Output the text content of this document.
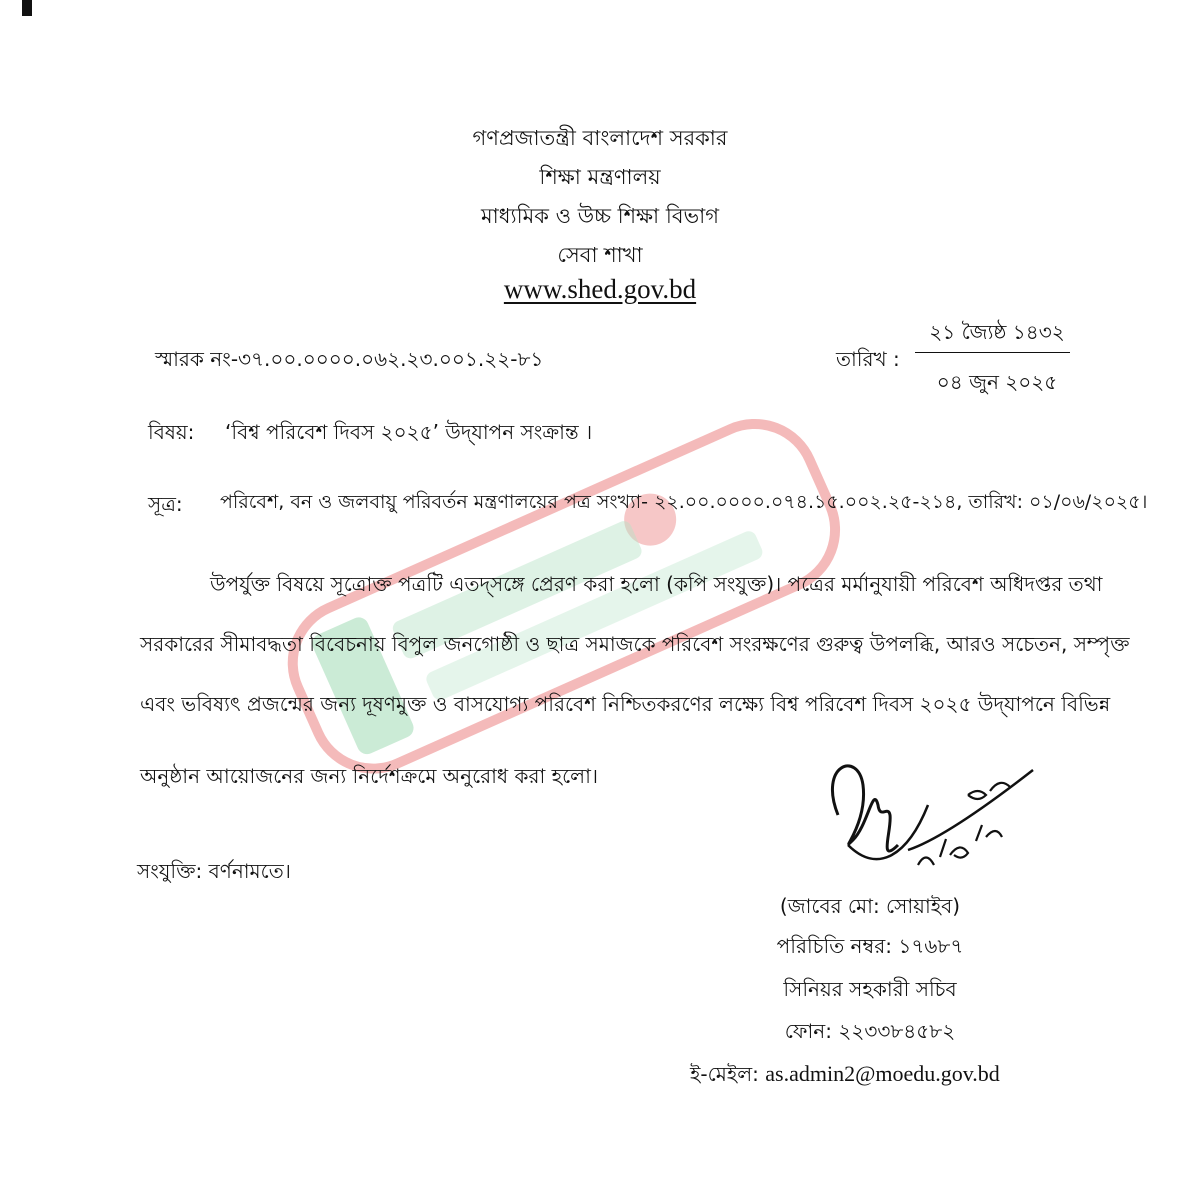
গণপ্রজাতন্ত্রী বাংলাদেশ সরকার
শিক্ষা মন্ত্রণালয়
মাধ্যমিক ও উচ্চ শিক্ষা বিভাগ
সেবা শাখা
www.shed.gov.bd
স্মারক নং-৩৭.০০.০০০০.০৬২.২৩.০০১.২২-৮১	তারিখ :
২১ জ্যৈষ্ঠ ১৪৩২
০৪ জুন ২০২৫
বিষয়: ‘বিশ্ব পরিবেশ দিবস ২০২৫’ উদ্‌যাপন সংক্রান্ত ।
সূত্র: পরিবেশ, বন ও জলবায়ু পরিবর্তন মন্ত্রণালয়ের পত্র সংখ্যা- ২২.০০.০০০০.০৭৪.১৫.০০২.২৫-২১৪, তারিখ: ০১/০৬/২০২৫।
উপর্যুক্ত বিষয়ে সূত্রোক্ত পত্রটি এতদ্‌সঙ্গে প্রেরণ করা হলো (কপি সংযুক্ত)। পত্রের মর্মানুযায়ী পরিবেশ অধিদপ্তর তথা
সরকারের সীমাবদ্ধতা বিবেচনায় বিপুল জনগোষ্ঠী ও ছাত্র সমাজকে পরিবেশ সংরক্ষণের গুরুত্ব উপলব্ধি, আরও সচেতন, সম্পৃক্ত
এবং ভবিষ্যৎ প্রজন্মের জন্য দূষণমুক্ত ও বাসযোগ্য পরিবেশ নিশ্চিতকরণের লক্ষ্যে বিশ্ব পরিবেশ দিবস ২০২৫ উদ্‌যাপনে বিভিন্ন
অনুষ্ঠান আয়োজনের জন্য নির্দেশক্রমে অনুরোধ করা হলো।
সংযুক্তি: বর্ণনামতে।
(জাবের মো: সোয়াইব)
পরিচিতি নম্বর: ১৭৬৮৭
সিনিয়র সহকারী সচিব
ফোন: ২২৩৩৮৪৫৮২
ই-মেইল: as.admin2@moedu.gov.bd
